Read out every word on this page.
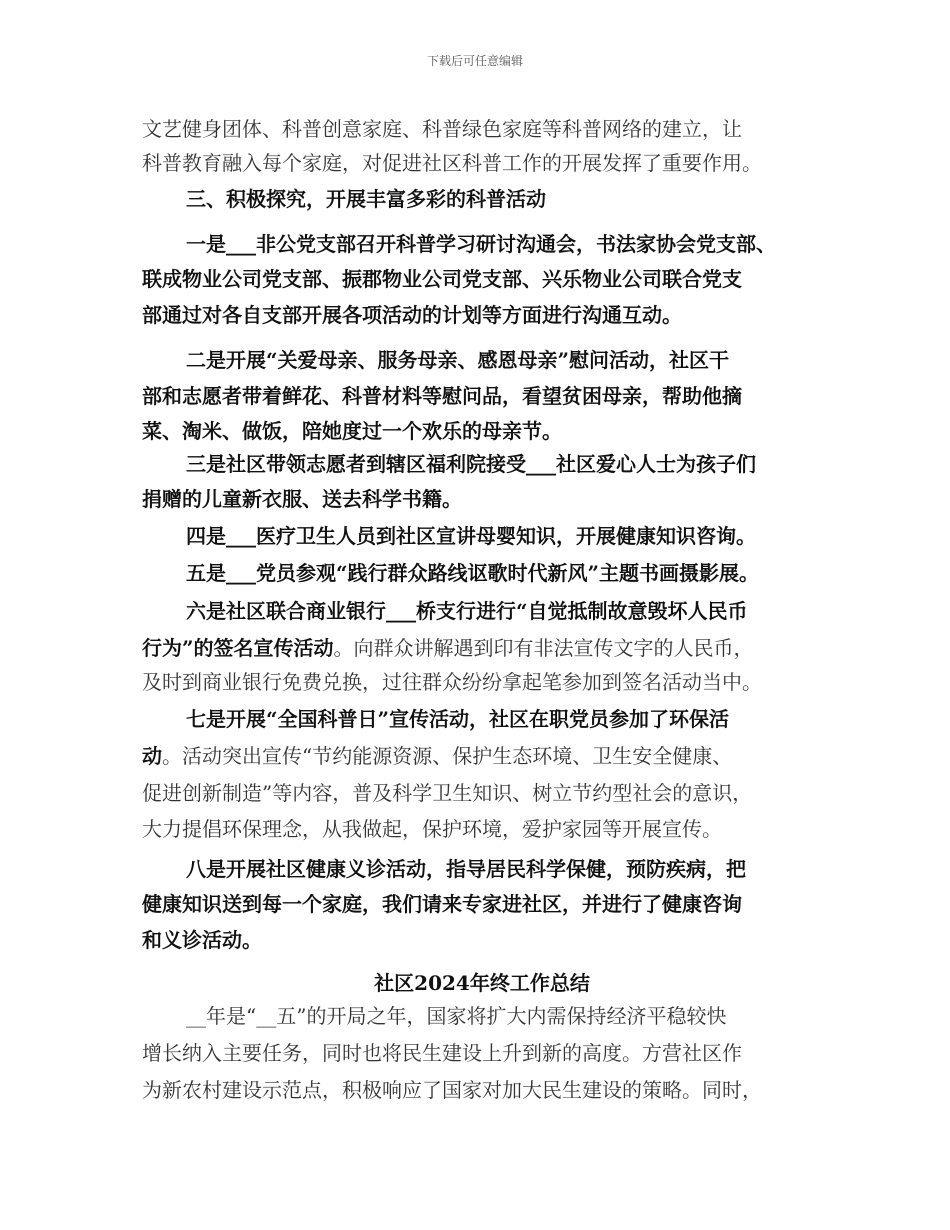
下载后可任意编辑
文艺健身团体、科普创意家庭、科普绿色家庭等科普网络的建立，让
科普教育融入每个家庭，对促进社区科普工作的开展发挥了重要作用。
三、积极探究，开展丰富多彩的科普活动
一是___非公党支部召开科普学习研讨沟通会，书法家协会党支部、
联成物业公司党支部、振郡物业公司党支部、兴乐物业公司联合党支
部通过对各自支部开展各项活动的计划等方面进行沟通互动。
二是开展“关爱母亲、服务母亲、感恩母亲”慰问活动，社区干
部和志愿者带着鲜花、科普材料等慰问品，看望贫困母亲，帮助他摘
菜、淘米、做饭，陪她度过一个欢乐的母亲节。
三是社区带领志愿者到辖区福利院接受___社区爱心人士为孩子们
捐赠的儿童新衣服、送去科学书籍。
四是___医疗卫生人员到社区宣讲母婴知识，开展健康知识咨询。
五是___党员参观“践行群众路线讴歌时代新风”主题书画摄影展。
六是社区联合商业银行___桥支行进行“自觉抵制故意毁坏人民币
行为”的签名宣传活动。向群众讲解遇到印有非法宣传文字的人民币，
及时到商业银行免费兑换，过往群众纷纷拿起笔参加到签名活动当中。
七是开展“全国科普日”宣传活动，社区在职党员参加了环保活
动。活动突出宣传“节约能源资源、保护生态环境、卫生安全健康、
促进创新制造”等内容，普及科学卫生知识、树立节约型社会的意识，
大力提倡环保理念，从我做起，保护环境，爱护家园等开展宣传。
八是开展社区健康义诊活动，指导居民科学保健，预防疾病，把
健康知识送到每一个家庭，我们请来专家进社区，并进行了健康咨询
和义诊活动。
社区2024年终工作总结
__年是“__五”的开局之年，国家将扩大内需保持经济平稳较快
增长纳入主要任务，同时也将民生建设上升到新的高度。方营社区作
为新农村建设示范点，积极响应了国家对加大民生建设的策略。同时，
